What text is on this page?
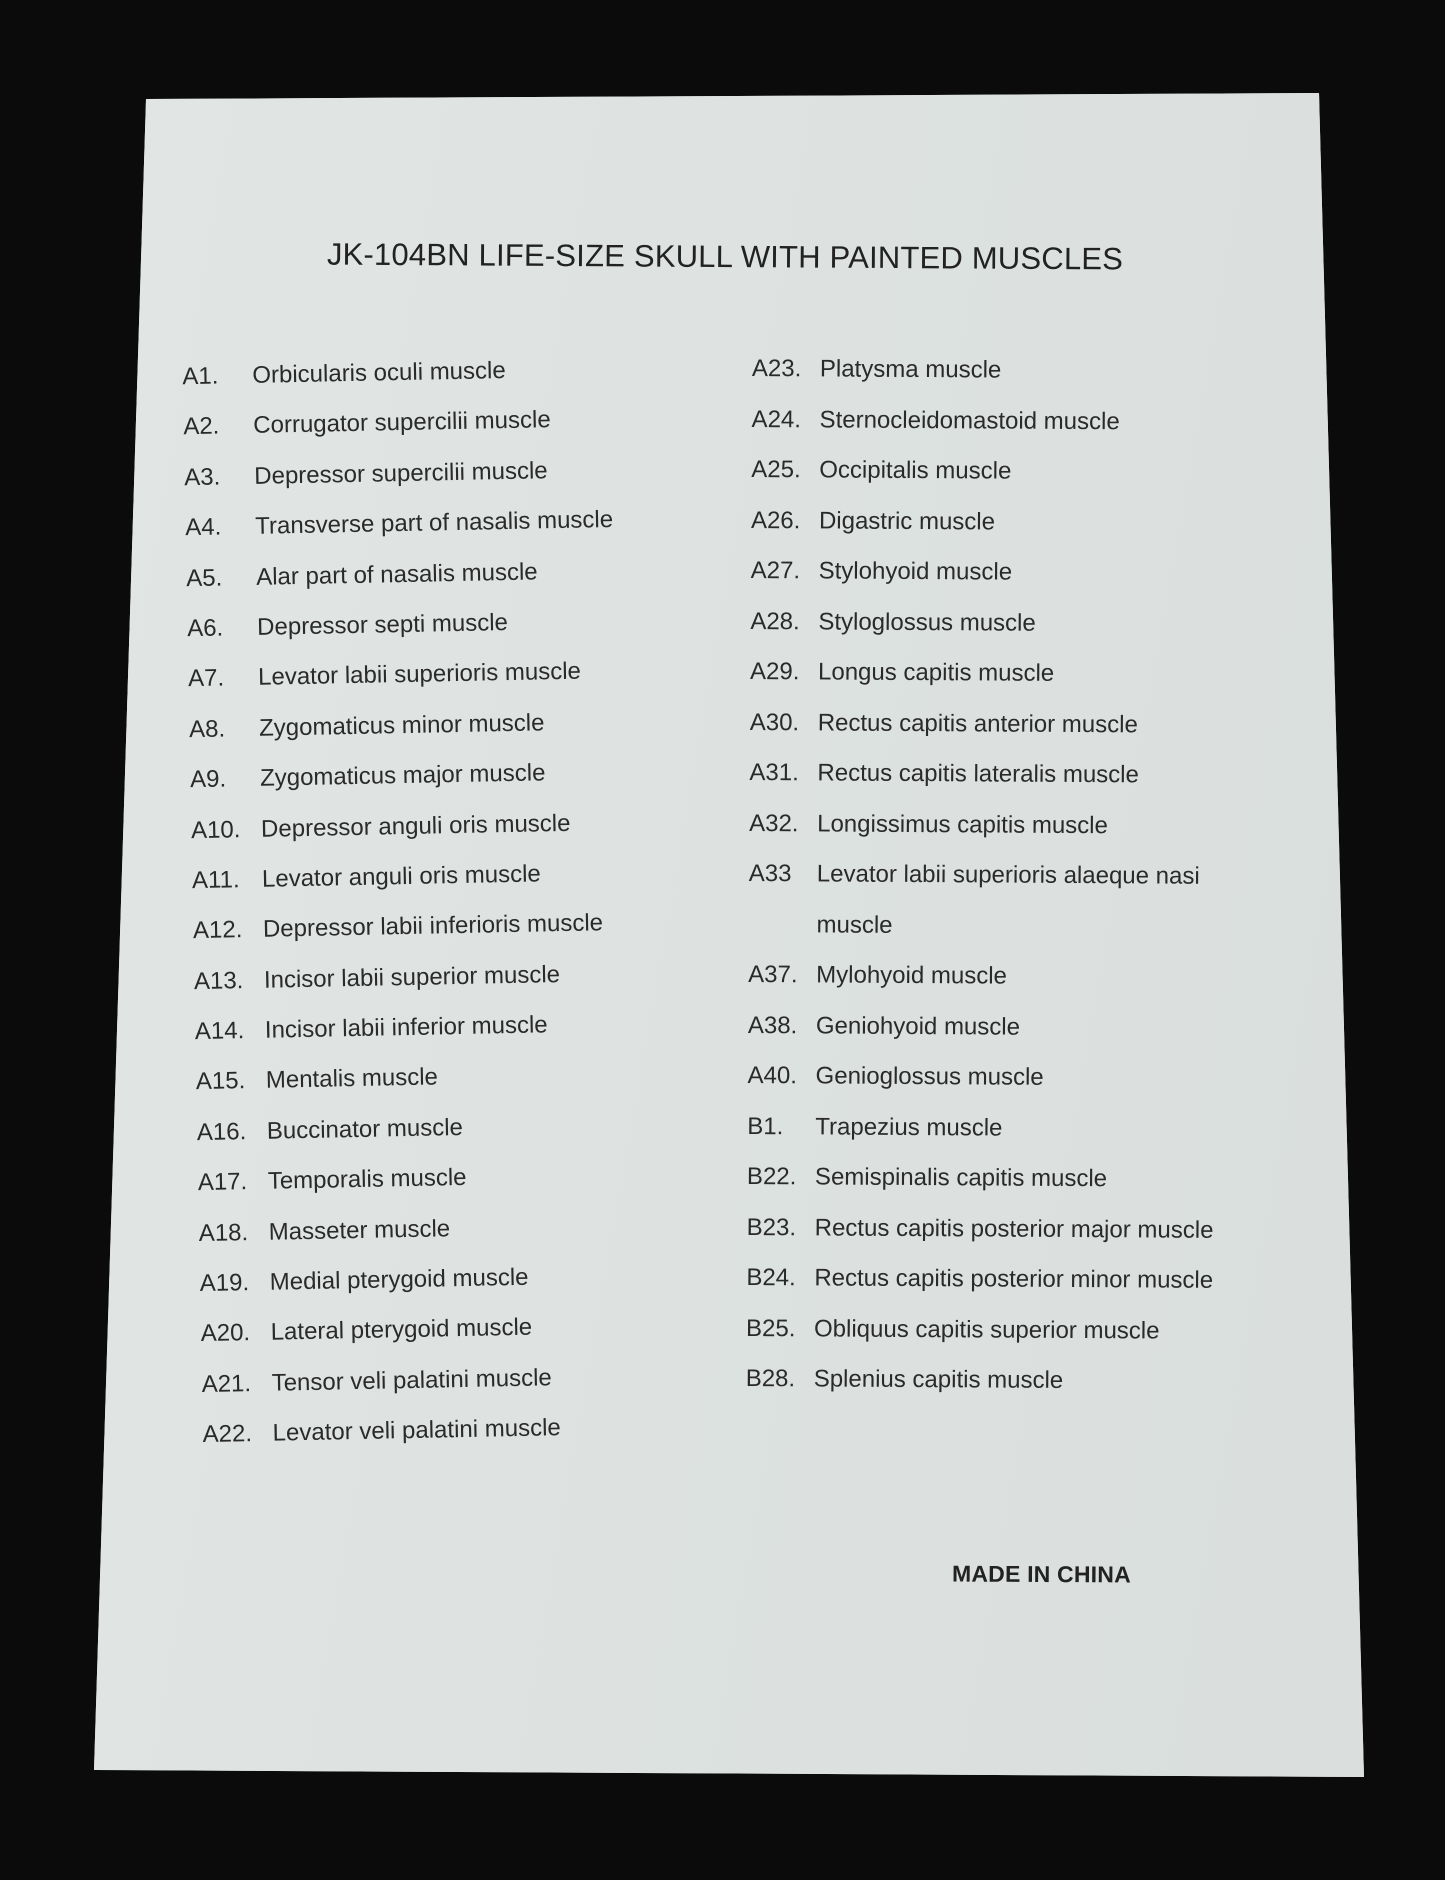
JK-104BN LIFE-SIZE SKULL WITH PAINTED MUSCLES
A1.	Orbicularis oculi muscle
A2.	Corrugator supercilii muscle
A3.	Depressor supercilii muscle
A4.	Transverse part of nasalis muscle
A5.	Alar part of nasalis muscle
A6.	Depressor septi muscle
A7.	Levator labii superioris muscle
A8.	Zygomaticus minor muscle
A9.	Zygomaticus major muscle
A10. Depressor anguli oris muscle
A11. Levator anguli oris muscle
A12. Depressor labii inferioris muscle
A13. Incisor labii superior muscle
A14. Incisor labii inferior muscle
A15. Mentalis muscle
A16. Buccinator muscle
A17. Temporalis muscle
A18. Masseter muscle
A19. Medial pterygoid muscle
A20. Lateral pterygoid muscle
A21. Tensor veli palatini muscle
A22. Levator veli palatini muscle
A23. Platysma muscle
A24. Sternocleidomastoid muscle
A25. Occipitalis muscle
A26. Digastric muscle
A27. Stylohyoid muscle
A28. Styloglossus muscle
A29. Longus capitis muscle
A30. Rectus capitis anterior muscle
A31. Rectus capitis lateralis muscle
A32. Longissimus capitis muscle
A33	Levator labii superioris alaeque nasi
muscle
A37. Mylohyoid muscle
A38. Geniohyoid muscle
A40. Genioglossus muscle
B1.	Trapezius muscle
B22. Semispinalis capitis muscle
B23. Rectus capitis posterior major muscle
B24. Rectus capitis posterior minor muscle
B25. Obliquus capitis superior muscle
B28. Splenius capitis muscle
MADE IN CHINA
